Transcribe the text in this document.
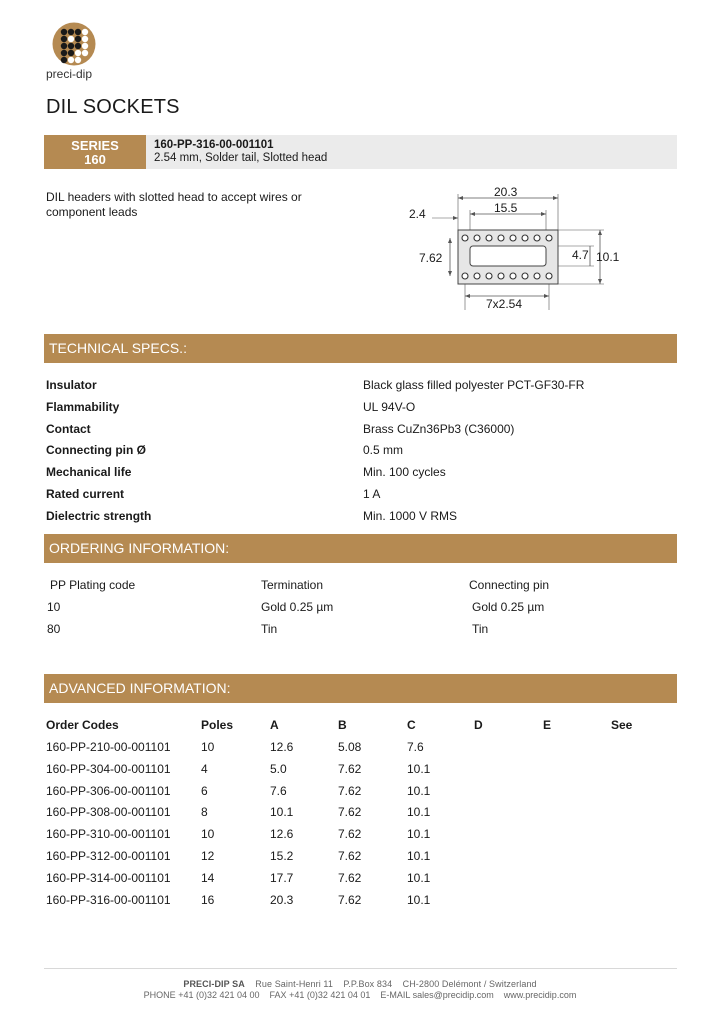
preci-dip
DIL SOCKETS
SERIES
160
160-PP-316-00-001101
2.54 mm, Solder tail, Slotted head
DIL headers with slotted head to accept wires or component leads
20.3
15.5
2.4
7.62	4.7 10.1
7x2.54
TECHNICAL SPECS.:
Insulator	Black glass filled polyester PCT-GF30-FR
Flammability	UL 94V-O
Contact	Brass CuZn36Pb3 (C36000)
Connecting pin Ø	0.5 mm
Mechanical life	Min. 100 cycles
Rated current	1 A
Dielectric strength	Min. 1000 V RMS
ORDERING INFORMATION:
PP Plating code	Termination	Connecting pin
10	Gold 0.25 µm	Gold 0.25 µm
80	Tin	Tin
ADVANCED INFORMATION:
Order Codes	Poles	A	B	C	D	E	See
160-PP-210-00-001101	10	12.6	5.08	7.6
160-PP-304-00-001101	4	5.0	7.62	10.1
160-PP-306-00-001101	6	7.6	7.62	10.1
160-PP-308-00-001101	8	10.1	7.62	10.1
160-PP-310-00-001101	10	12.6	7.62	10.1
160-PP-312-00-001101	12	15.2	7.62	10.1
160-PP-314-00-001101	14	17.7	7.62	10.1
160-PP-316-00-001101	16	20.3	7.62	10.1
PRECI-DIP SA Rue Saint-Henri 11 P.P.Box 834 CH-2800 Delémont / Switzerland
PHONE +41 (0)32 421 04 00 FAX +41 (0)32 421 04 01 E-MAIL sales@precidip.com www.precidip.com
